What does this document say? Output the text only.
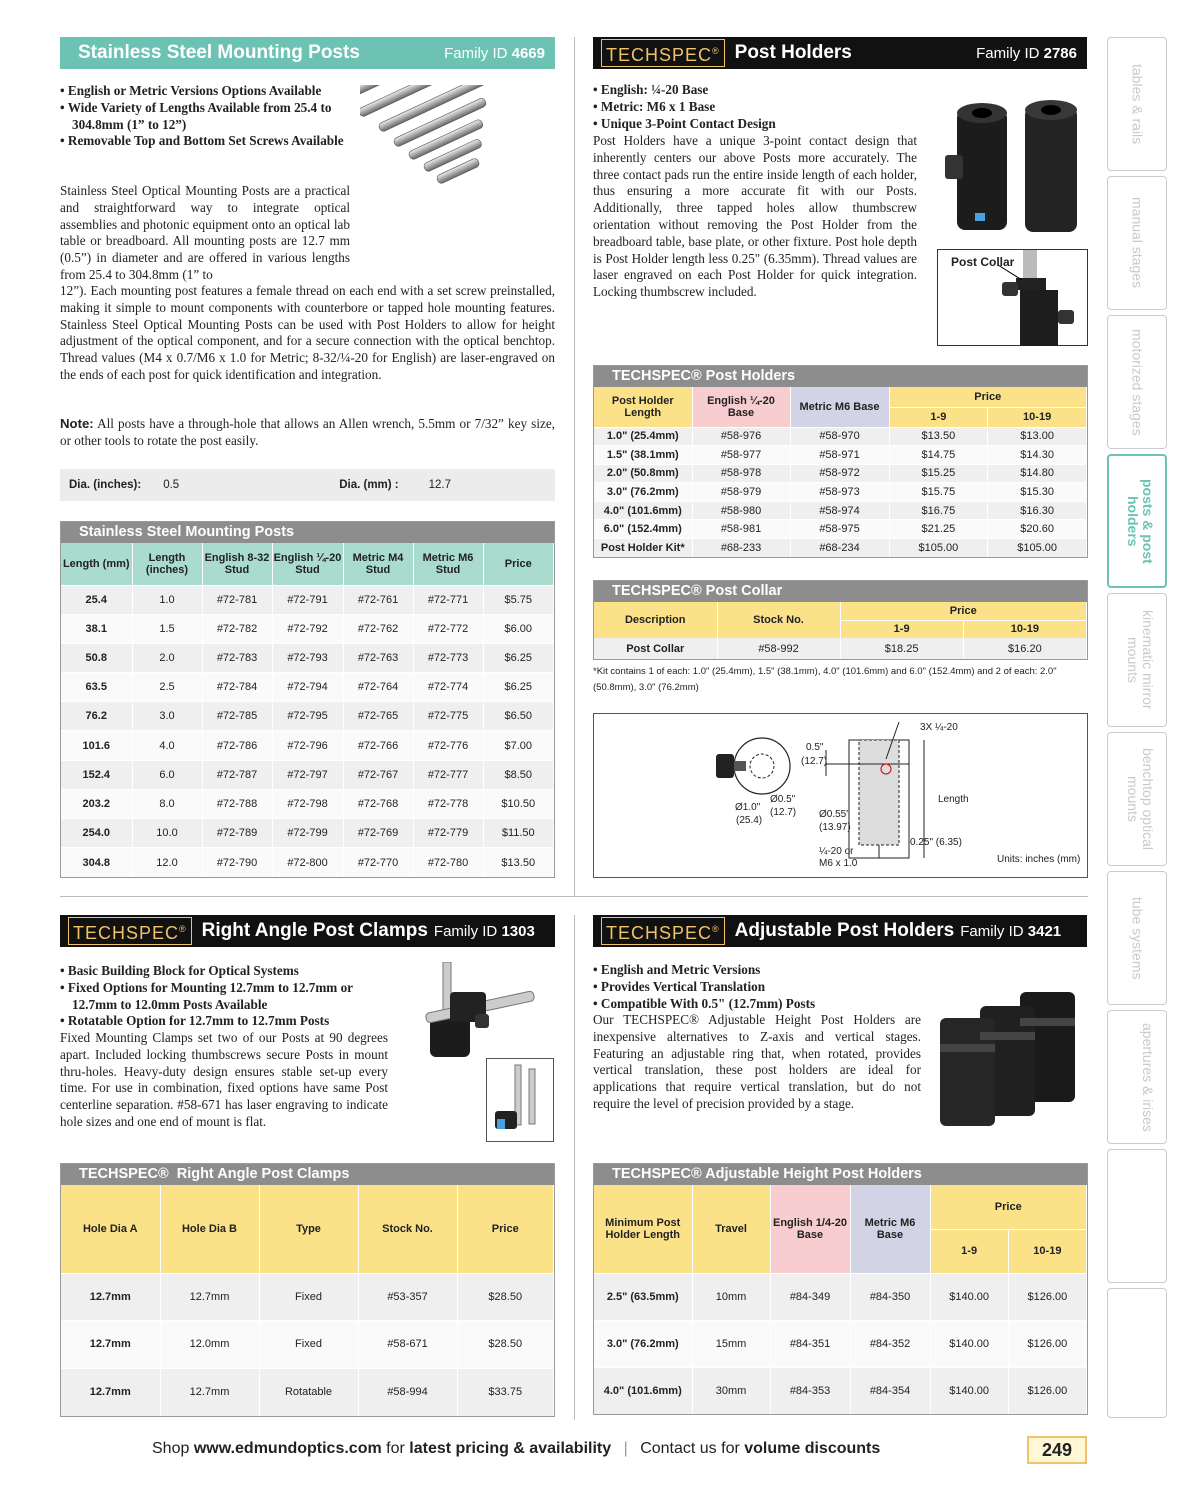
Stainless Steel Mounting Posts	Family ID 4669
• English or Metric Versions Options Available
• Wide Variety of Lengths Available from 25.4 to 304.8mm (1” to 12”)
• Removable Top and Bottom Set Screws Available
Stainless Steel Optical Mounting Posts are a practical and straightforward way to integrate optical assemblies and photonic equipment onto an optical lab table or breadboard. All mounting posts are 12.7 mm (0.5”) in diameter and are offered in various lengths from 25.4 to 304.8mm (1” to
12”). Each mounting post features a female thread on each end with a set screw preinstalled, making it simple to mount components with counterbore or tapped hole mounting features. Stainless Steel Optical Mounting Posts can be used with Post Holders to allow for height adjustment of the optical component, and for a secure connection with the optical benchtop. Thread values (M4 x 0.7/M6 x 1.0 for Metric; 8-32/¼-20 for English) are laser-engraved on the ends of each post for quick identification and integration.
Note: All posts have a through-hole that allows an Allen wrench, 5.5mm or 7/32” key size, or other tools to rotate the post easily.
Dia. (inches): 0.5	Dia. (mm) :	12.7
Stainless Steel Mounting Posts
Length (mm)	Length (inches)	English 8-32 Stud	English ¼-20 Stud	Metric M4 Stud	Metric M6 Stud	Price
25.4	1.0	#72-781	#72-791	#72-761	#72-771	$5.75
38.1	1.5	#72-782	#72-792	#72-762	#72-772	$6.00
50.8	2.0	#72-783	#72-793	#72-763	#72-773	$6.25
63.5	2.5	#72-784	#72-794	#72-764	#72-774	$6.25
76.2	3.0	#72-785	#72-795	#72-765	#72-775	$6.50
101.6	4.0	#72-786	#72-796	#72-766	#72-776	$7.00
152.4	6.0	#72-787	#72-797	#72-767	#72-777	$8.50
203.2	8.0	#72-788	#72-798	#72-768	#72-778	$10.50
254.0	10.0	#72-789	#72-799	#72-769	#72-779	$11.50
304.8	12.0	#72-790	#72-800	#72-770	#72-780	$13.50
TECHSPEC® Post Holders	Family ID 2786
• English: ¼-20 Base
• Metric: M6 x 1 Base
• Unique 3-Point Contact Design
Post Holders have a unique 3-point contact design that inherently centers our above Posts more accurately. The three contact pads run the entire inside length of each holder, thus ensuring a more accurate fit with our Posts. Additionally, three tapped holes allow thumbscrew orientation without removing the Post Holder from the breadboard table, base plate, or other fixture. Post hole depth is Post Holder length less 0.25" (6.35mm). Thread values are laser engraved on each Post Holder for quick integration. Locking thumbscrew included.
Post Collar
TECHSPEC® Post Holders
Post Holder Length	English ¼-20 Base	Metric M6 Base	Price	
			1-9	10-19
1.0" (25.4mm)	#58-976	#58-970	$13.50	$13.00
1.5" (38.1mm)	#58-977	#58-971	$14.75	$14.30
2.0" (50.8mm)	#58-978	#58-972	$15.25	$14.80
3.0" (76.2mm)	#58-979	#58-973	$15.75	$15.30
4.0" (101.6mm)	#58-980	#58-974	$16.75	$16.30
6.0" (152.4mm)	#58-981	#58-975	$21.25	$20.60
Post Holder Kit*	#68-233	#68-234	$105.00	$105.00
TECHSPEC® Post Collar
Description	Stock No.	Price	
		1-9	10-19
Post Collar	#58-992	$18.25	$16.20
*Kit contains 1 of each: 1.0" (25.4mm), 1.5" (38.1mm), 4.0" (101.6mm) and 6.0" (152.4mm) and 2 of each: 2.0" (50.8mm), 3.0" (76.2mm)
3X ¼-20
0.5"
(12.7)
Ø0.5"
(12.7)
Ø1.0"
(25.4)
Ø0.55"
(13.97)
¼-20 or
M6 x 1.0
Length
0.25" (6.35)
Units: inches (mm)
TECHSPEC® Right Angle Post Clamps Family ID 1303
• Basic Building Block for Optical Systems
• Fixed Options for Mounting 12.7mm to 12.7mm or 12.7mm to 12.0mm Posts Available
• Rotatable Option for 12.7mm to 12.7mm Posts
Fixed Mounting Clamps set two of our Posts at 90 degrees apart. Included locking thumbscrews secure Posts in mount thru-holes. Heavy-duty design ensures stable set-up every time. For use in combination, fixed options have same Post centerline separation. #58-671 has laser engraving to indicate hole sizes and one end of mount is flat.
TECHSPEC® Right Angle Post Clamps
Hole Dia A	Hole Dia B	Type	Stock No.	Price
12.7mm	12.7mm	Fixed	#53-357	$28.50
12.7mm	12.0mm	Fixed	#58-671	$28.50
12.7mm	12.7mm	Rotatable	#58-994	$33.75
TECHSPEC® Adjustable Post Holders Family ID 3421
• English and Metric Versions
• Provides Vertical Translation
• Compatible With 0.5" (12.7mm) Posts
Our TECHSPEC® Adjustable Height Post Holders are inexpensive alternatives to Z-axis and vertical stages. Featuring an adjustable ring that, when rotated, provides vertical translation, these post holders are ideal for applications that require vertical translation, but do not require the level of precision provided by a stage.
TECHSPEC® Adjustable Height Post Holders
Minimum Post Holder Length	Travel	English 1/4-20 Base	Metric M6 Base	Price	
				1-9	10-19
2.5" (63.5mm)	10mm	#84-349	#84-350	$140.00	$126.00
3.0" (76.2mm)	15mm	#84-351	#84-352	$140.00	$126.00
4.0" (101.6mm)	30mm	#84-353	#84-354	$140.00	$126.00
tables & rails
manual stages
motorized stages
posts & post holders
kinematic mirror mounts
benchtop optical mounts
tube systems
apertures & irises
Shop www.edmundoptics.com for latest pricing & availability | Contact us for volume discounts	249
